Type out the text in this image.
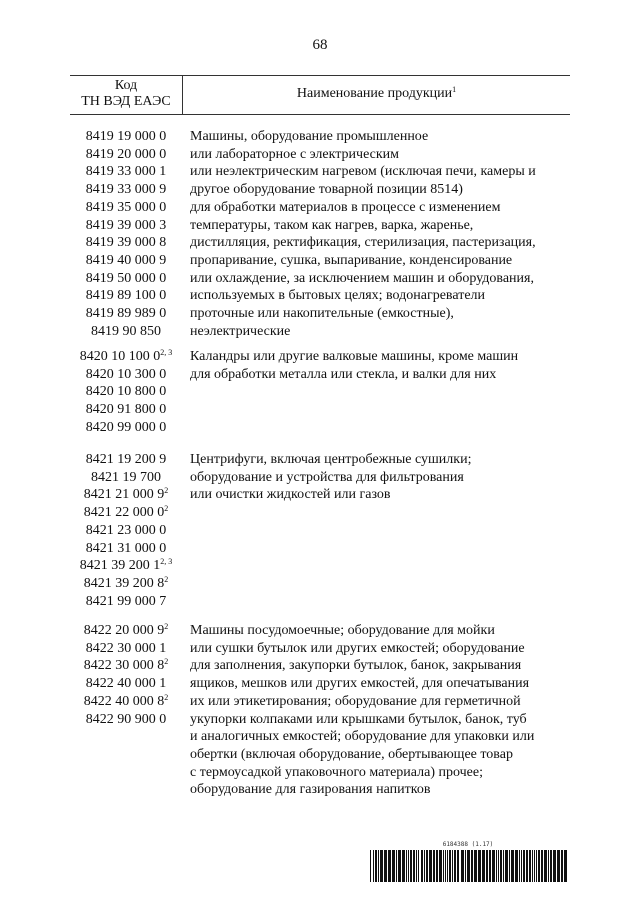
68
Код
ТН ВЭД ЕАЭС
Наименование продукции$^1$
8419 19 000 0
8419 20 000 0
8419 33 000 1
8419 33 000 9
8419 35 000 0
8419 39 000 3
8419 39 000 8
8419 40 000 9
8419 50 000 0
8419 89 100 0
8419 89 989 0
8419 90 850
Машины, оборудование промышленное
или лабораторное с электрическим
или неэлектрическим нагревом (исключая печи, камеры и
другое оборудование товарной позиции 8514)
для обработки материалов в процессе с изменением
температуры, таком как нагрев, варка, жаренье,
дистилляция, ректификация, стерилизация, пастеризация,
пропаривание, сушка, выпаривание, конденсирование
или охлаждение, за исключением машин и оборудования,
используемых в бытовых целях; водонагреватели
проточные или накопительные (емкостные),
неэлектрические
8420 10 100 0$^{2, 3}$
8420 10 300 0
8420 10 800 0
8420 91 800 0
8420 99 000 0
Каландры или другие валковые машины, кроме машин
для обработки металла или стекла, и валки для них
8421 19 200 9
8421 19 700
8421 21 000 $9^2$
8421 22 000 $0^2$
8421 23 000 0
8421 31 000 0
8421 39 200 1$^{2, 3}$
8421 39 200 $8^2$
8421 99 000 7
Центрифуги, включая центробежные сушилки;
оборудование и устройства для фильтрования
или очистки жидкостей или газов
8422 20 000 $9^2$
8422 30 000 1
8422 30 000 $8^2$
8422 40 000 1
8422 40 000 $8^2$
8422 90 900 0
Машины посудомоечные; оборудование для мойки
или сушки бутылок или других емкостей; оборудование
для заполнения, закупорки бутылок, банок, закрывания
ящиков, мешков или других емкостей, для опечатывания
их или этикетирования; оборудование для герметичной
укупорки колпаками или крышками бутылок, банок, туб
и аналогичных емкостей; оборудование для упаковки или
обертки (включая оборудование, обертывающее товар
с термоусадкой упаковочного материала) прочее;
оборудование для газирования напитков
6184388 (1.17)
